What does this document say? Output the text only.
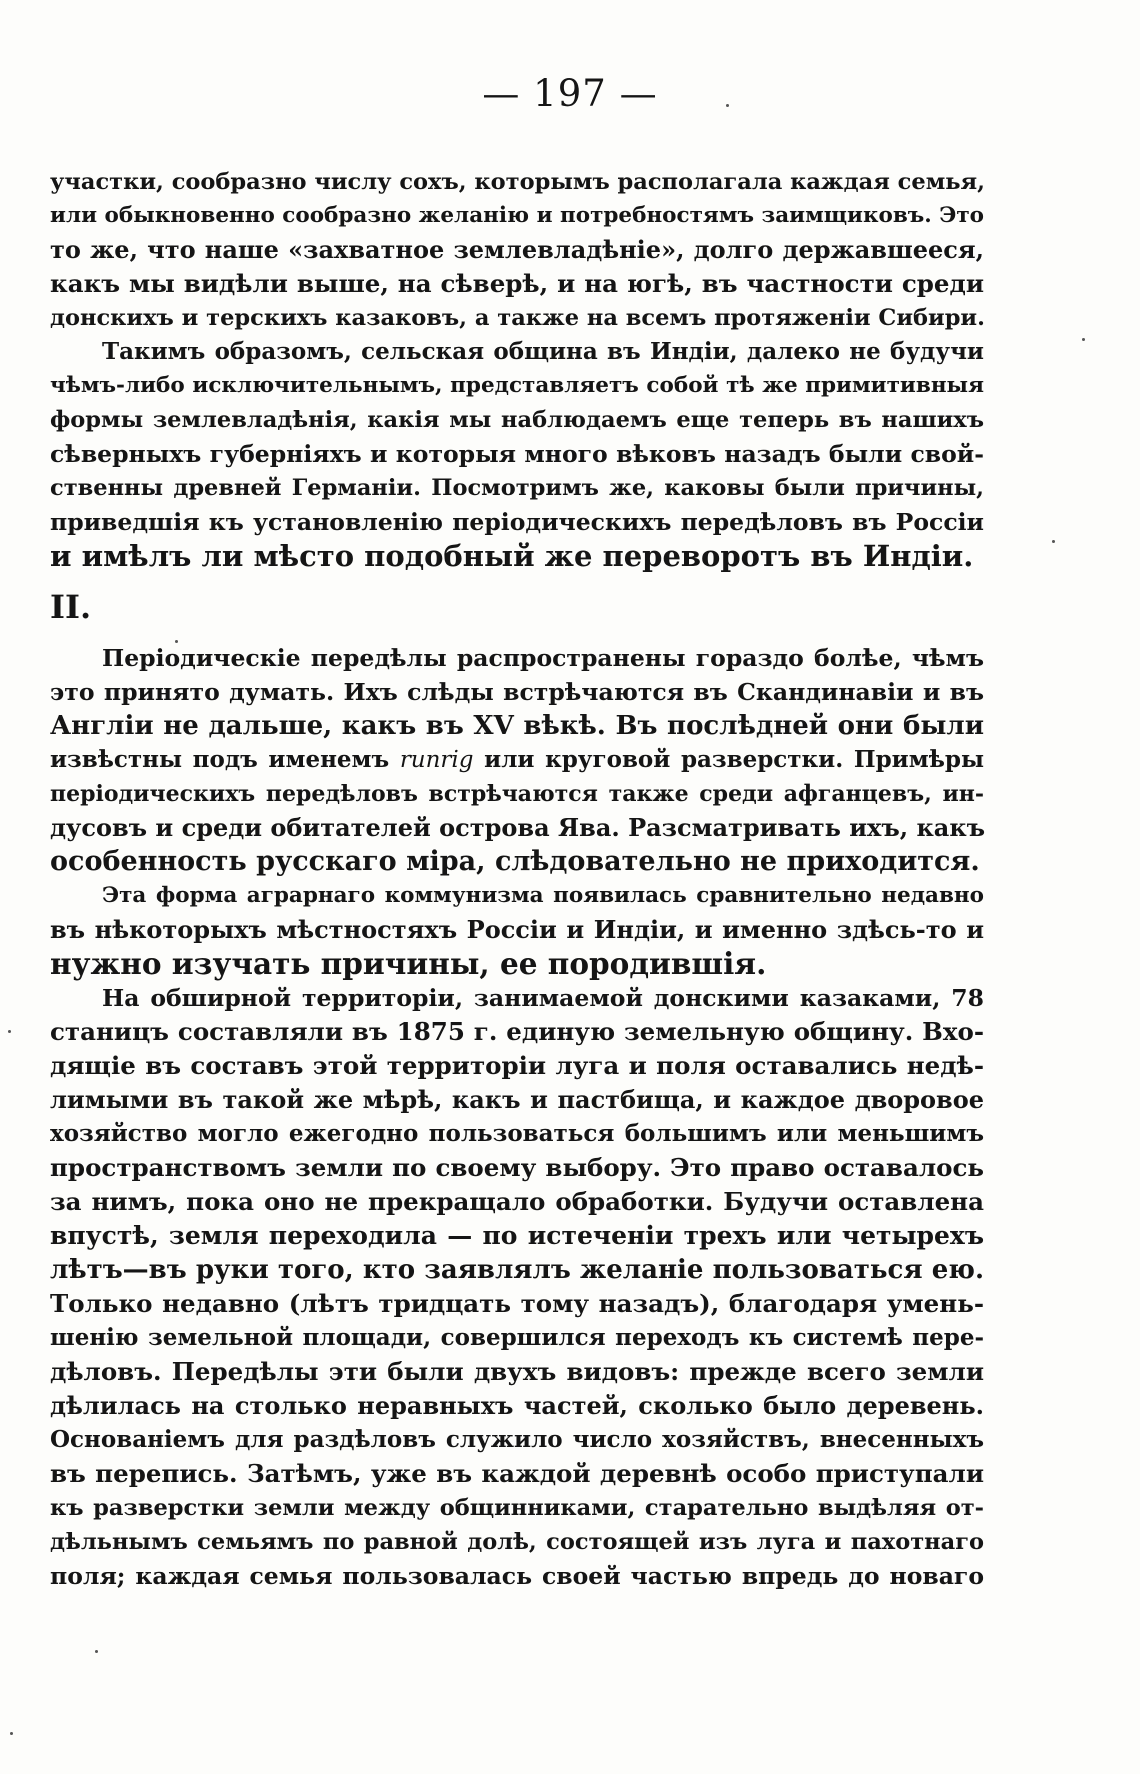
— 197 —
участки, сообразно числу сохъ, которымъ располагала каждая семья,
или обыкновенно сообразно желанію и потребностямъ заимщиковъ. Это
то же, что наше «захватное землевладѣніе», долго державшееся,
какъ мы видѣли выше, на сѣверѣ, и на югѣ, въ частности среди
донскихъ и терскихъ казаковъ, а также на всемъ протяженіи Сибири.
Такимъ образомъ, сельская община въ Индіи, далеко не будучи
чѣмъ-либо исключительнымъ, представляетъ собой тѣ же примитивныя
формы землевладѣнія, какія мы наблюдаемъ еще теперь въ нашихъ
сѣверныхъ губерніяхъ и которыя много вѣковъ назадъ были свой-
ственны древней Германіи. Посмотримъ же, каковы были причины,
приведшія къ установленію періодическихъ передѣловъ въ Россіи
и имѣлъ ли мѣсто подобный же переворотъ въ Индіи.
II.
Періодическіе передѣлы распространены гораздо болѣе, чѣмъ
это принято думать. Ихъ слѣды встрѣчаются въ Скандинавіи и въ
Англіи не дальше, какъ въ XV вѣкѣ. Въ послѣдней они были
извѣстны подъ именемъ runrig или круговой разверстки. Примѣры
періодическихъ передѣловъ встрѣчаются также среди афганцевъ, ин-
дусовъ и среди обитателей острова Ява. Разсматривать ихъ, какъ
особенность русскаго міра, слѣдовательно не приходится.
Эта форма аграрнаго коммунизма появилась сравнительно недавно
въ нѣкоторыхъ мѣстностяхъ Россіи и Индіи, и именно здѣсь-то и
нужно изучать причины, ее породившія.
На обширной территоріи, занимаемой донскими казаками, 78
станицъ составляли въ 1875 г. единую земельную общину. Вхо-
дящіе въ составъ этой территоріи луга и поля оставались недѣ-
лимыми въ такой же мѣрѣ, какъ и пастбища, и каждое дворовое
хозяйство могло ежегодно пользоваться большимъ или меньшимъ
пространствомъ земли по своему выбору. Это право оставалось
за нимъ, пока оно не прекращало обработки. Будучи оставлена
впустѣ, земля переходила — по истеченіи трехъ или четырехъ
лѣтъ—въ руки того, кто заявлялъ желаніе пользоваться ею.
Только недавно (лѣтъ тридцать тому назадъ), благодаря умень-
шенію земельной площади, совершился переходъ къ системѣ пере-
дѣловъ. Передѣлы эти были двухъ видовъ: прежде всего земли
дѣлилась на столько неравныхъ частей, сколько было деревень.
Основаніемъ для раздѣловъ служило число хозяйствъ, внесенныхъ
въ перепись. Затѣмъ, уже въ каждой деревнѣ особо приступали
къ разверстки земли между общинниками, старательно выдѣляя от-
дѣльнымъ семьямъ по равной долѣ, состоящей изъ луга и пахотнаго
поля; каждая семья пользовалась своей частью впредь до новаго
